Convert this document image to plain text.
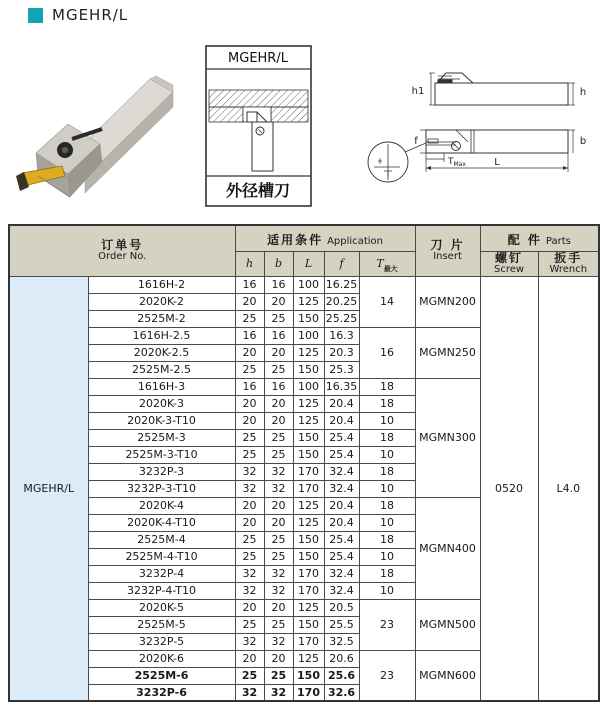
MGEHR/L
MGEHR/L
外径槽刀
h1	h
f	b
$T_{Max}$	L
订单号
Order No.
	适用条件 Application	刀 片
Insert
	配 件 Parts
h	b	L	f	$T_{最大}$	
螺钉
Screw

扳手
Wrench

MGEHR/L	1616H-2	16	16	100	16.25	14	MGMN200	0520	L4.0
	2020K-2	20	20	125	20.25				
	2525M-2	25	25	150	25.25				
	1616H-2.5	16	16	100	16.3	16	MGMN250		
	2020K-2.5	20	20	125	20.3				
	2525M-2.5	25	25	150	25.3				
	1616H-3	16	16	100	16.35	18	MGMN300		
	2020K-3	20	20	125	20.4	18			
	2020K-3-T10	20	20	125	20.4	10			
	2525M-3	25	25	150	25.4	18			
	2525M-3-T10	25	25	150	25.4	10			
	3232P-3	32	32	170	32.4	18			
	3232P-3-T10	32	32	170	32.4	10			
	2020K-4	20	20	125	20.4	18	MGMN400		
	2020K-4-T10	20	20	125	20.4	10			
	2525M-4	25	25	150	25.4	18			
	2525M-4-T10	25	25	150	25.4	10			
	3232P-4	32	32	170	32.4	18			
	3232P-4-T10	32	32	170	32.4	10			
	2020K-5	20	20	125	20.5	23	MGMN500		
	2525M-5	25	25	150	25.5				
	3232P-5	32	32	170	32.5				
	2020K-6	20	20	125	20.6	23	MGMN600		
	2525M-6	25	25	150	25.6				
	3232P-6	32	32	170	32.6				
